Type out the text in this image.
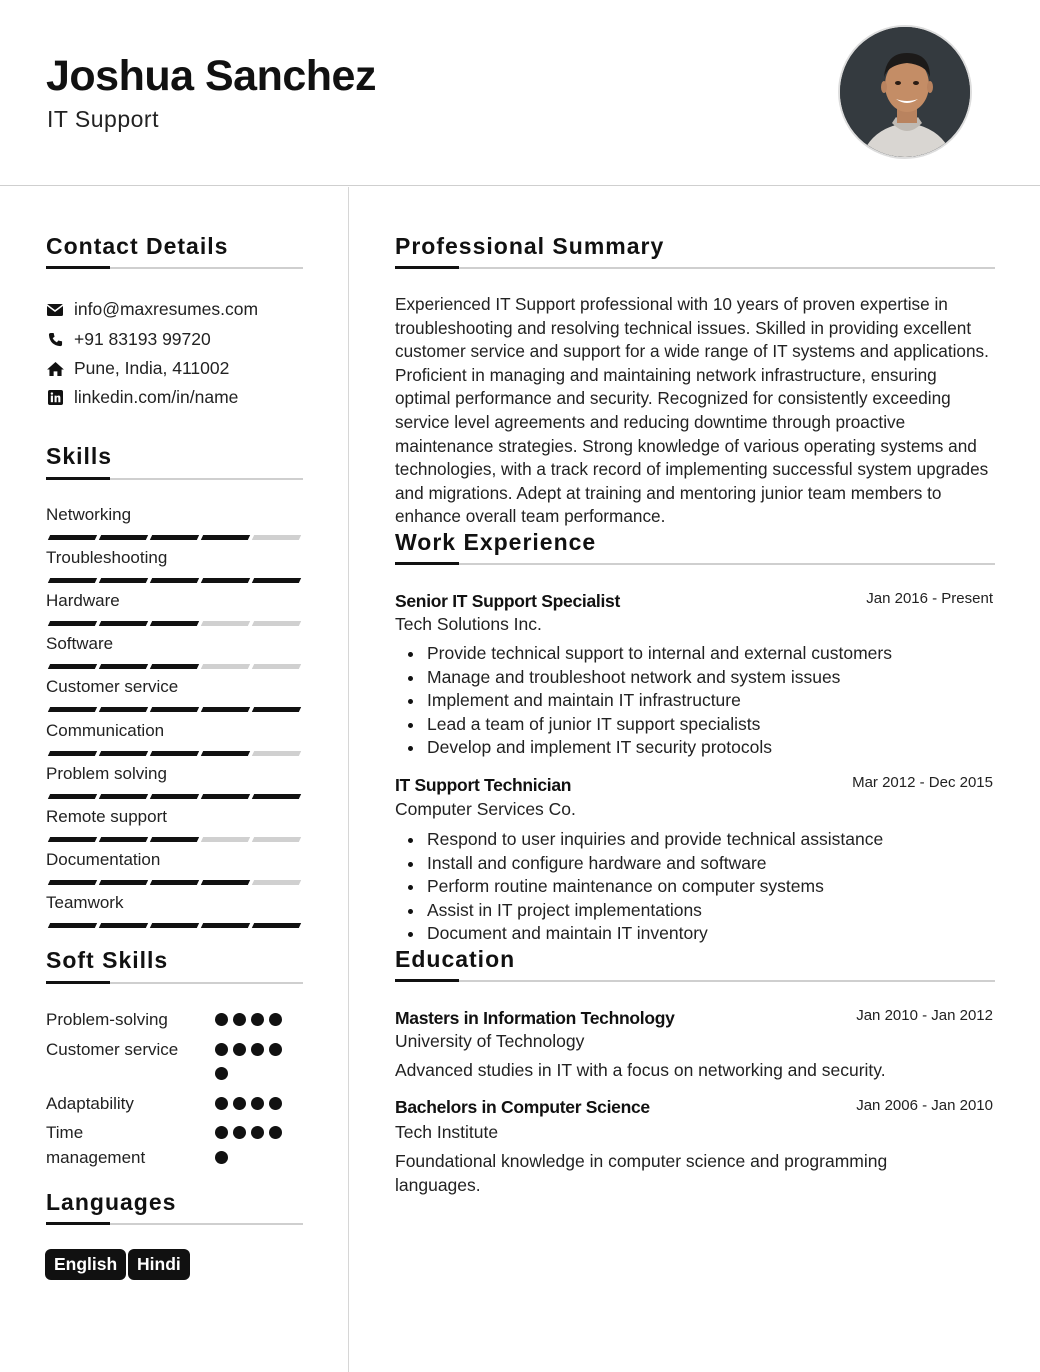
Joshua Sanchez
IT Support
Contact Details
info@maxresumes.com
+91 83193 99720
Pune, India, 411002
linkedin.com/in/name
Skills
Networking
Troubleshooting
Hardware
Software
Customer service
Communication
Problem solving
Remote support
Documentation
Teamwork
Soft Skills
Problem-solving
Customer service
Adaptability
Time management
Languages
English	Hindi
Professional Summary
Experienced IT Support professional with 10 years of proven expertise in troubleshooting and resolving technical issues. Skilled in providing excellent customer service and support for a wide range of IT systems and applications. Proficient in managing and maintaining network infrastructure, ensuring optimal performance and security. Recognized for consistently exceeding service level agreements and reducing downtime through proactive maintenance strategies. Strong knowledge of various operating systems and technologies, with a track record of implementing successful system upgrades and migrations. Adept at training and mentoring junior team members to enhance overall team performance.
Work Experience
Senior IT Support Specialist	Jan 2016 - Present
Tech Solutions Inc.
Provide technical support to internal and external customers
Manage and troubleshoot network and system issues
Implement and maintain IT infrastructure
Lead a team of junior IT support specialists
Develop and implement IT security protocols
IT Support Technician	Mar 2012 - Dec 2015
Computer Services Co.
Respond to user inquiries and provide technical assistance
Install and configure hardware and software
Perform routine maintenance on computer systems
Assist in IT project implementations
Document and maintain IT inventory
Education
Masters in Information Technology	Jan 2010 - Jan 2012
University of Technology
Advanced studies in IT with a focus on networking and security.
Bachelors in Computer Science	Jan 2006 - Jan 2010
Tech Institute
Foundational knowledge in computer science and programming languages.
